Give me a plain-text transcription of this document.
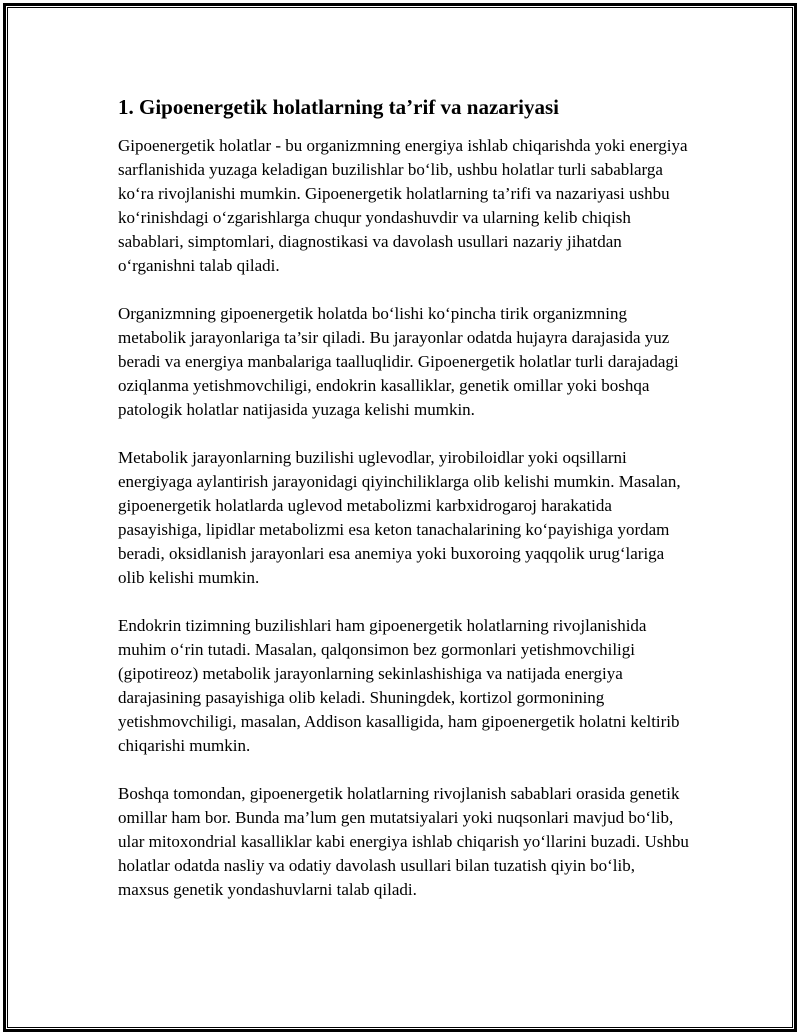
1. Gipoenergetik holatlarning ta’rif va nazariyasi

Gipoenergetik holatlar - bu organizmning energiya ishlab chiqarishda yoki energiya sarflanishida yuzaga keladigan buzilishlar bo‘lib, ushbu holatlar turli sabablarga ko‘ra rivojlanishi mumkin. Gipoenergetik holatlarning ta’rifi va nazariyasi ushbu ko‘rinishdagi o‘zgarishlarga chuqur yondashuvdir va ularning kelib chiqish sabablari, simptomlari, diagnostikasi va davolash usullari nazariy jihatdan o‘rganishni talab qiladi.

Organizmning gipoenergetik holatda bo‘lishi ko‘pincha tirik organizmning metabolik jarayonlariga ta’sir qiladi. Bu jarayonlar odatda hujayra darajasida yuz beradi va energiya manbalariga taalluqlidir. Gipoenergetik holatlar turli darajadagi oziqlanma yetishmovchiligi, endokrin kasalliklar, genetik omillar yoki boshqa patologik holatlar natijasida yuzaga kelishi mumkin.

Metabolik jarayonlarning buzilishi uglevodlar, yirobiloidlar yoki oqsillarni energiyaga aylantirish jarayonidagi qiyinchiliklarga olib kelishi mumkin. Masalan, gipoenergetik holatlarda uglevod metabolizmi karbxidrogaroj harakatida pasayishiga, lipidlar metabolizmi esa keton tanachalarining ko‘payishiga yordam beradi, oksidlanish jarayonlari esa anemiya yoki buxoroing yaqqolik urug‘lariga olib kelishi mumkin.

Endokrin tizimning buzilishlari ham gipoenergetik holatlarning rivojlanishida muhim o‘rin tutadi. Masalan, qalqonsimon bez gormonlari yetishmovchiligi (gipotireoz) metabolik jarayonlarning sekinlashishiga va natijada energiya darajasining pasayishiga olib keladi. Shuningdek, kortizol gormonining yetishmovchiligi, masalan, Addison kasalligida, ham gipoenergetik holatni keltirib chiqarishi mumkin.

Boshqa tomondan, gipoenergetik holatlarning rivojlanish sabablari orasida genetik omillar ham bor. Bunda ma’lum gen mutatsiyalari yoki nuqsonlari mavjud bo‘lib, ular mitoxondrial kasalliklar kabi energiya ishlab chiqarish yo‘llarini buzadi. Ushbu holatlar odatda nasliy va odatiy davolash usullari bilan tuzatish qiyin bo‘lib, maxsus genetik yondashuvlarni talab qiladi.
